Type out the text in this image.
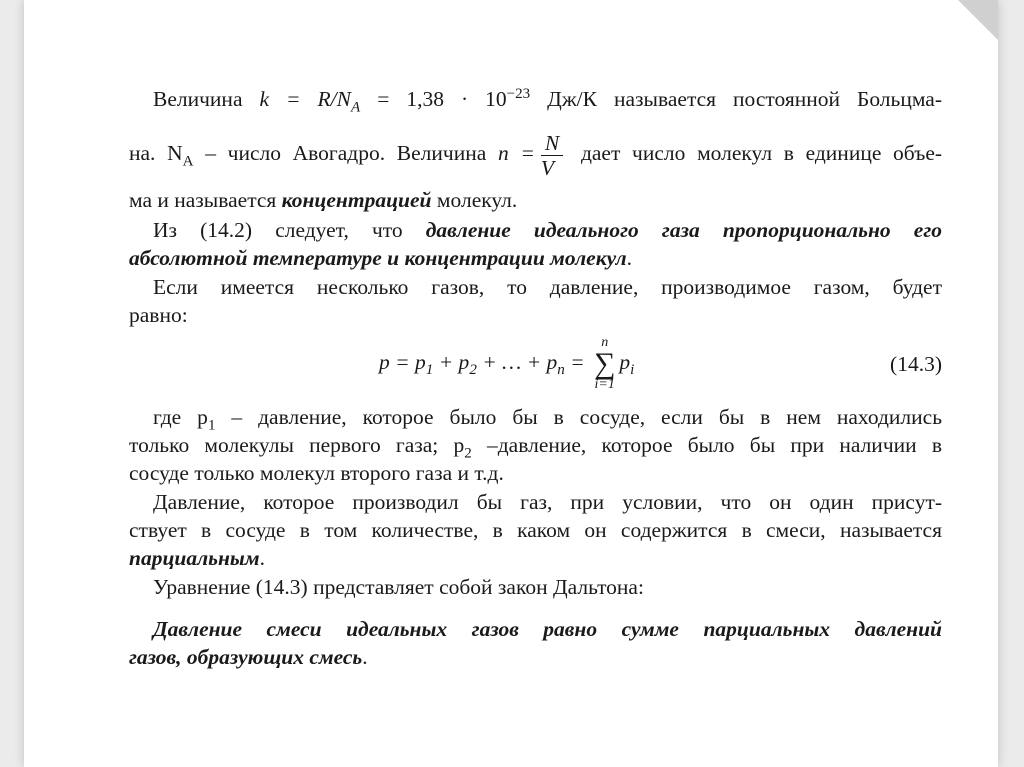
Величина $k = R/N_A = 1,38 \cdot 10^{-23}$ Дж/К называется постоянной Больцма-
на. $N_А$ – число Авогадро. Величина $n = \frac{N}{V}$ дает число молекул в единице объе-
ма и называется концентрацией молекул.
Из (14.2) следует, что давление идеального газа пропорционально его
абсолютной температуре и концентрации молекул.
Если имеется несколько газов, то давление, производимое газом, будет
равно:
$p = p_1 + p_2$ + … + $p_n$ =
n
∑
i=1
$p_i$	(14.3)
где $p_1$ – давление, которое было бы в сосуде, если бы в нем находились
только молекулы первого газа; $p_2$ –давление, которое было бы при наличии в
сосуде только молекул второго газа и т.д.
Давление, которое производил бы газ, при условии, что он один присут-
ствует в сосуде в том количестве, в каком он содержится в смеси, называется
парциальным.
Уравнение (14.3) представляет собой закон Дальтона:
Давление смеси идеальных газов равно сумме парциальных давлений
газов, образующих смесь.
